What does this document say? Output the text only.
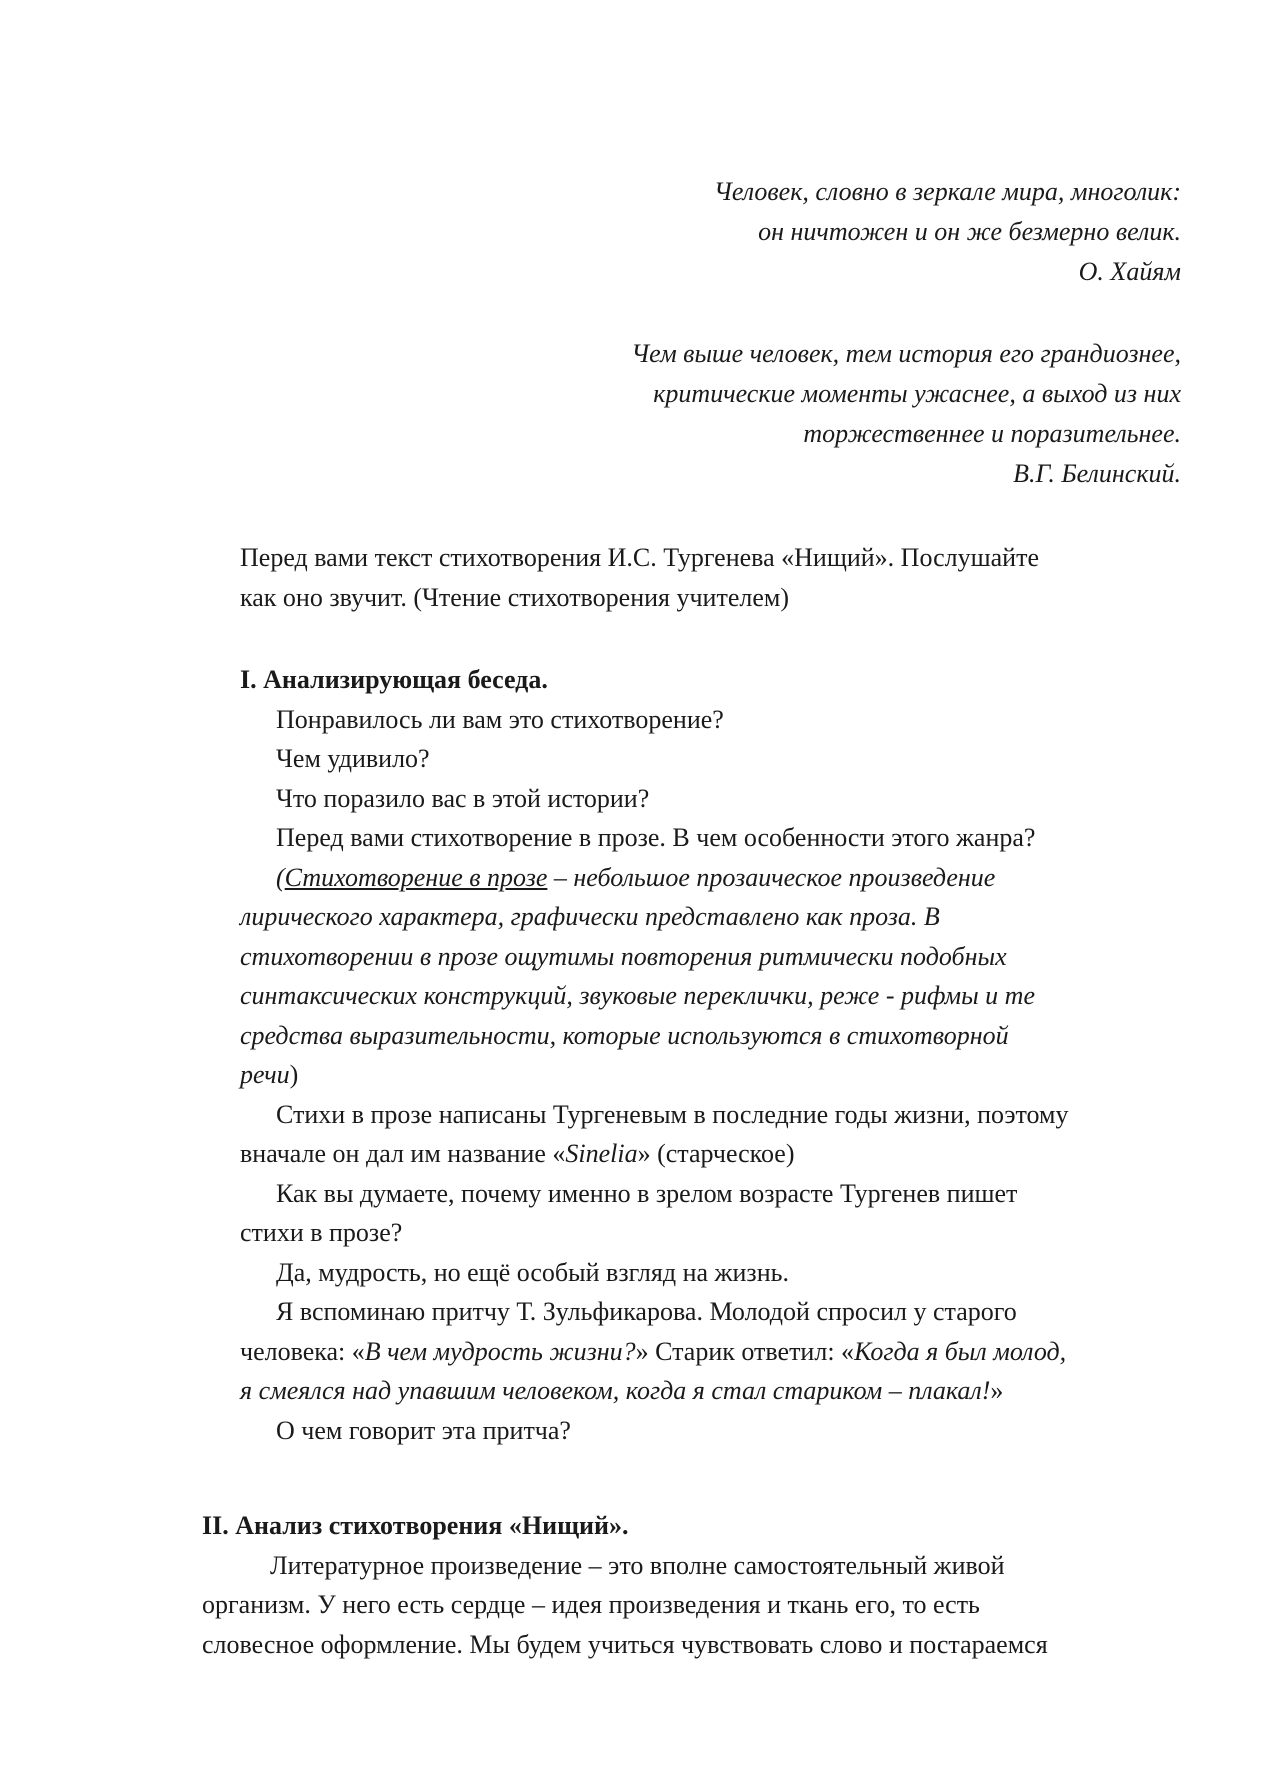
Человек, словно в зеркале мира, многолик:
он ничтожен и он же безмерно велик.
О. Хайям
Чем выше человек, тем история его грандиознее,
критические моменты ужаснее, а выход из них
торжественнее и поразительнее.
В.Г. Белинский.
Перед вами текст стихотворения И.С. Тургенева «Нищий». Послушайте
как оно звучит. (Чтение стихотворения учителем)
I. Анализирующая беседа.
Понравилось ли вам это стихотворение?
Чем удивило?
Что поразило вас в этой истории?
Перед вами стихотворение в прозе. В чем особенности этого жанра?
(Стихотворение в прозе – небольшое прозаическое произведение
лирического характера, графически представлено как проза. В
стихотворении в прозе ощутимы повторения ритмически подобных
синтаксических конструкций, звуковые переклички, реже - рифмы и те
средства выразительности, которые используются в стихотворной
речи)
Стихи в прозе написаны Тургеневым в последние годы жизни, поэтому
вначале он дал им название «Sinelia» (старческое)
Как вы думаете, почему именно в зрелом возрасте Тургенев пишет
стихи в прозе?
Да, мудрость, но ещё особый взгляд на жизнь.
Я вспоминаю притчу Т. Зульфикарова. Молодой спросил у старого
человека: «В чем мудрость жизни?» Старик ответил: «Когда я был молод,
я смеялся над упавшим человеком, когда я стал стариком – плакал!»
О чем говорит эта притча?
II. Анализ стихотворения «Нищий».
Литературное произведение – это вполне самостоятельный живой
организм. У него есть сердце – идея произведения и ткань его, то есть
словесное оформление. Мы будем учиться чувствовать слово и постараемся
